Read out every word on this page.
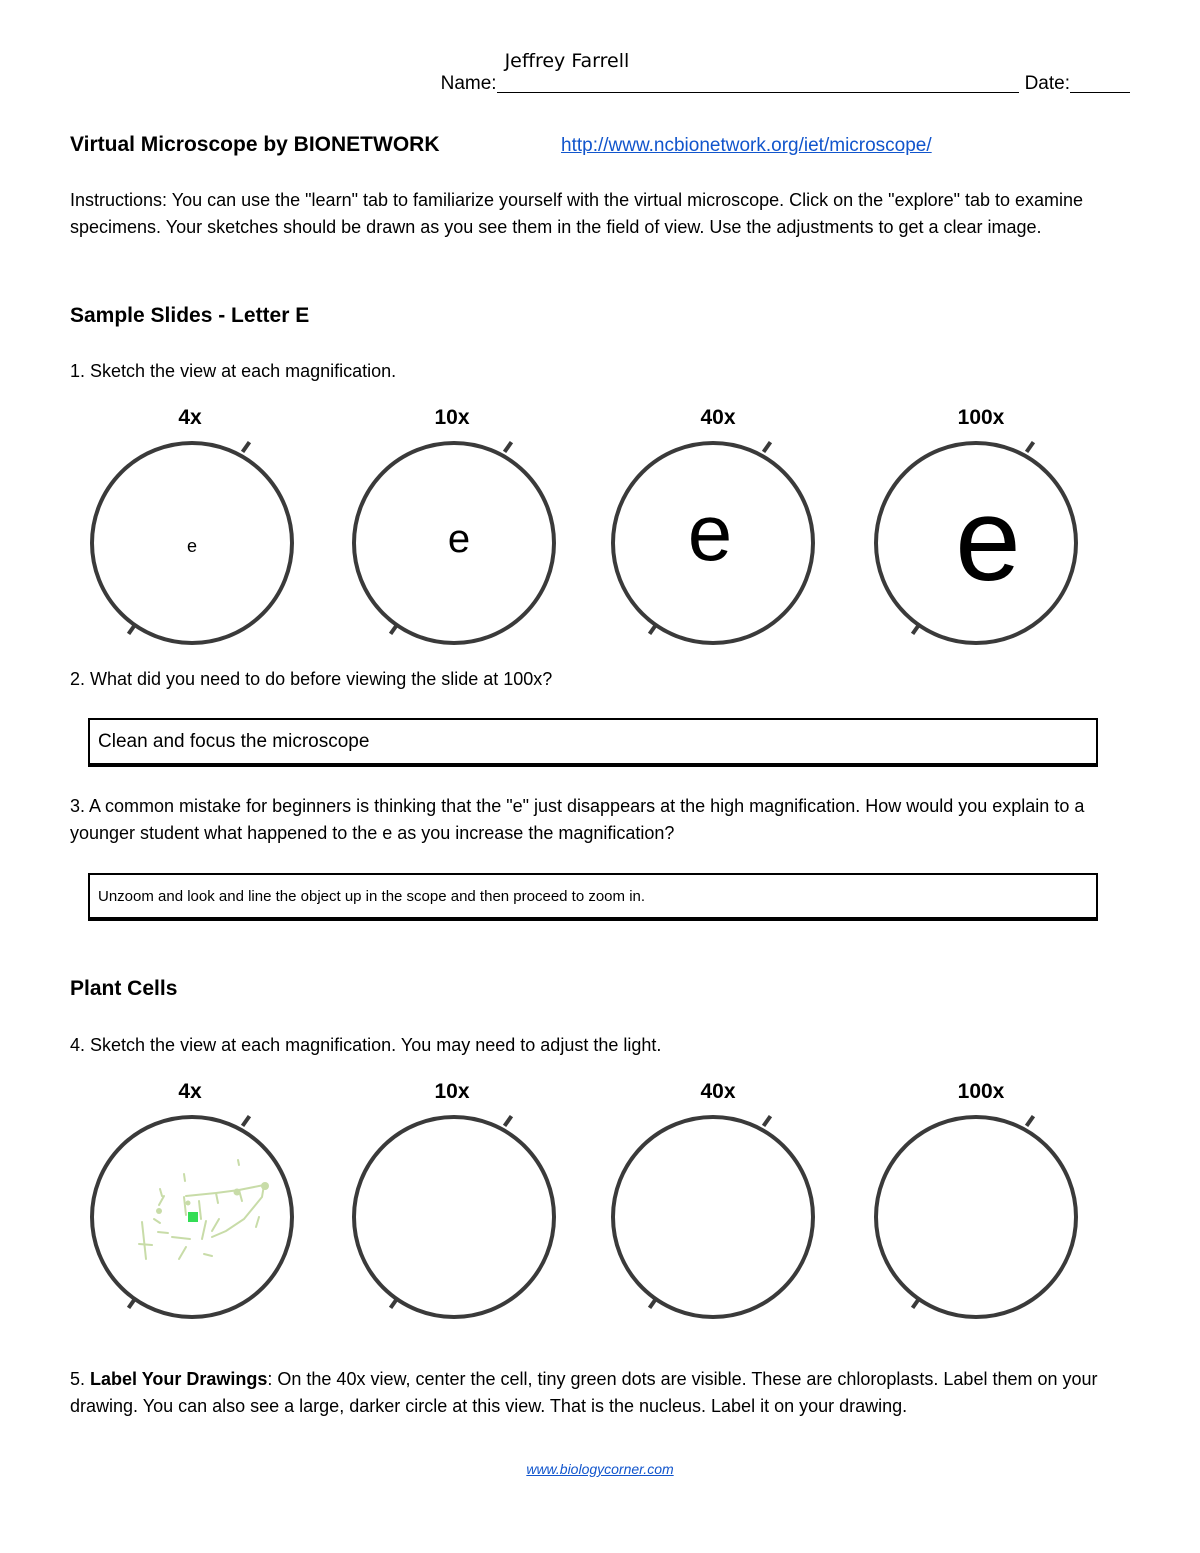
Name:
Jeffrey Farrell
Date:
Virtual Microscope by BIONETWORK	http://www.ncbionetwork.org/iet/microscope/
Instructions: You can use the "learn" tab to familiarize yourself with the virtual microscope. Click on the "explore" tab to examine specimens. Your sketches should be drawn as you see them in the field of view. Use the adjustments to get a clear image.
Sample Slides - Letter E
1. Sketch the view at each magnification.
4x	10x	40x	100x
e	e	e	e
2. What did you need to do before viewing the slide at 100x?
Clean and focus the microscope
3. A common mistake for beginners is thinking that the "e" just disappears at the high magnification. How would you explain to a younger student what happened to the e as you increase the magnification?
Unzoom and look and line the object up in the scope and then proceed to zoom in.
Plant Cells
4. Sketch the view at each magnification. You may need to adjust the light.
4x	10x	40x	100x
5. Label Your Drawings: On the 40x view, center the cell, tiny green dots are visible. These are chloroplasts. Label them on your drawing. You can also see a large, darker circle at this view. That is the nucleus. Label it on your drawing.
www.biologycorner.com
